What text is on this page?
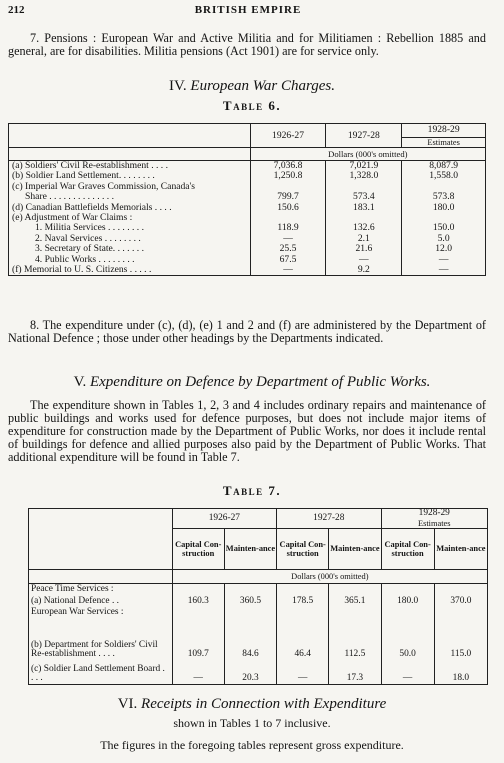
212	BRITISH EMPIRE

7. Pensions : European War and Active Militia and for Militiamen : Rebellion 1885 and general, are for disabilities. Militia pensions (Act 1901) are for service only.

IV. European War Charges.
Table 6.
	1926-27	1927-28	1928-29
Estimates

	Dollars (000's omitted)		
(a) Soldiers' Civil Re-establishment . . . .	7,036.8	7,021.9	8,087.9
(b) Soldier Land Settlement. . . . . . . .	1,250.8	1,328.0	1,558.0
(c) Imperial War Graves Commission, Canada's			
Share . . . . . . . . . . . . . .	799.7	573.4	573.8
(d) Canadian Battlefields Memorials . . . .	150.6	183.1	180.0
(e) Adjustment of War Claims :			
1. Militia Services . . . . . . . .	118.9	132.6	150.0
2. Naval Services . . . . . . . .	—	2.1	5.0
3. Secretary of State. . . . . . .	25.5	21.6	12.0
4. Public Works . . . . . . . .	67.5	—	—
(f) Memorial to U. S. Citizens . . . . .	—	9.2	—

8. The expenditure under (c), (d), (e) 1 and 2 and (f) are administered by the Department of National Defence ; those under other headings by the Departments indicated.

V. Expenditure on Defence by Department of Public Works.

The expenditure shown in Tables 1, 2, 3 and 4 includes ordinary repairs and maintenance of public buildings and works used for defence purposes, but does not include major items of expenditure for construction made by the Department of Public Works, nor does it include rental of buildings for defence and allied purposes also paid by the Department of Public Works. That additional expenditure will be found in Table 7.

Table 7.
	1926-27		1927-28		1928-29
Estimates	

	Capital Con-struction	Mainten-ance	Capital Con-struction	Mainten-ance	Capital Con-struction	Mainten-ance
	Dollars (000's omitted)					
Peace Time Services :						
(a) National Defence . .	160.3	360.5	178.5	365.1	180.0	370.0
European War Services :						
(b) Department for Soldiers' Civil Re-establishment . . . .	109.7	84.6	46.4	112.5	50.0	115.0
(c) Soldier Land Settlement Board . . . .	—	20.3	—	17.3	—	18.0
VI. Receipts in Connection with Expenditure
shown in Tables 1 to 7 inclusive.
The figures in the foregoing tables represent gross expenditure.
